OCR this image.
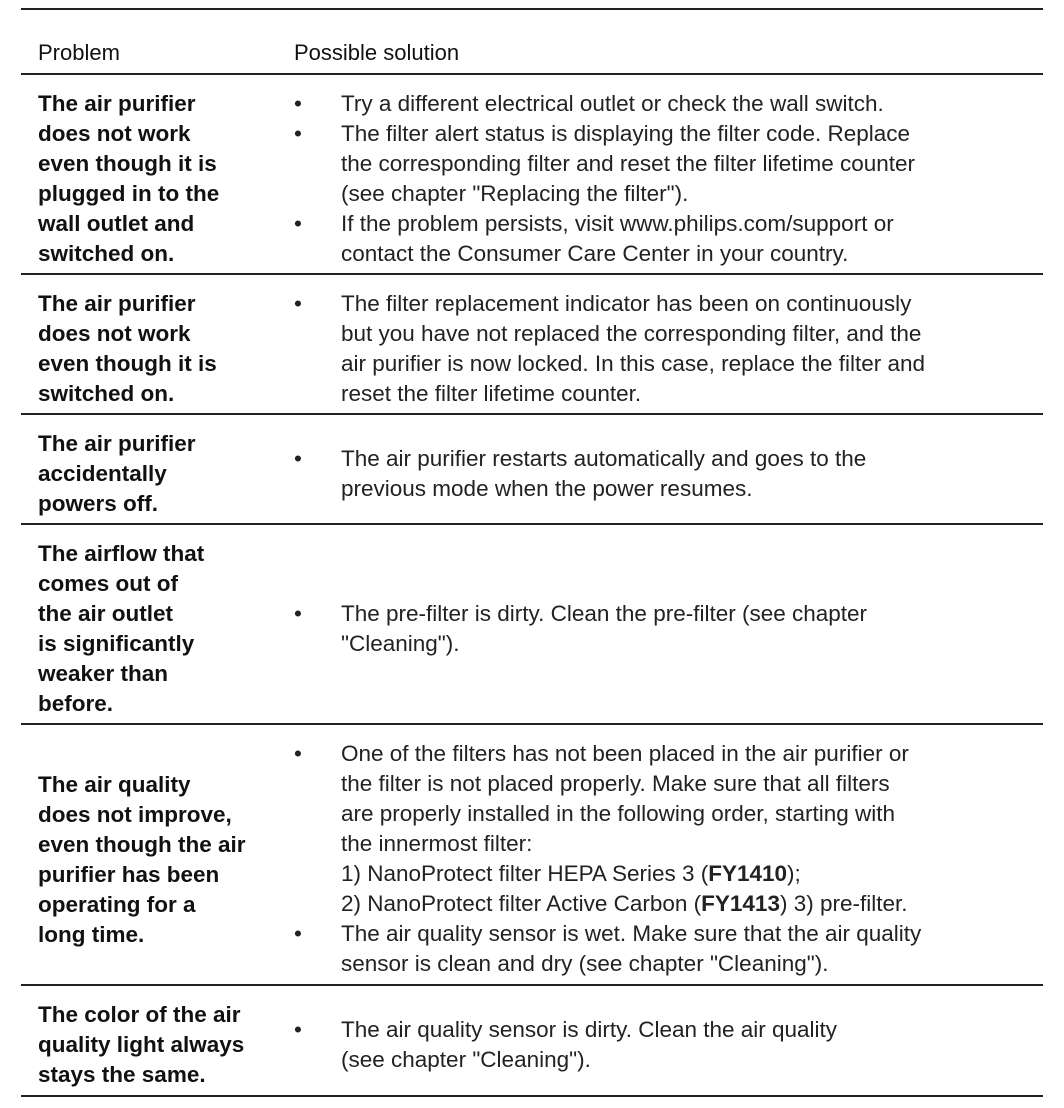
Problem	Possible solution
The air purifier
does not work
even though it is
plugged in to the
wall outlet and
switched on.
• Try a different electrical outlet or check the wall switch.
• The filter alert status is displaying the filter code. Replace
the corresponding filter and reset the filter lifetime counter
(see chapter "Replacing the filter").
• If the problem persists, visit www.philips.com/support or
contact the Consumer Care Center in your country.
The air purifier
does not work
even though it is
switched on.
• The filter replacement indicator has been on continuously
but you have not replaced the corresponding filter, and the
air purifier is now locked. In this case, replace the filter and
reset the filter lifetime counter.
The air purifier
accidentally
powers off.
• The air purifier restarts automatically and goes to the
previous mode when the power resumes.
The airflow that
comes out of
the air outlet
is significantly
weaker than
before.
• The pre-filter is dirty. Clean the pre-filter (see chapter
"Cleaning").
The air quality
does not improve,
even though the air
purifier has been
operating for a
long time.
• One of the filters has not been placed in the air purifier or
the filter is not placed properly. Make sure that all filters
are properly installed in the following order, starting with
the innermost filter:
1) NanoProtect filter HEPA Series 3 (FY1410);
2) NanoProtect filter Active Carbon (FY1413) 3) pre-filter.
• The air quality sensor is wet. Make sure that the air quality
sensor is clean and dry (see chapter "Cleaning").
The color of the air
quality light always
stays the same.
• The air quality sensor is dirty. Clean the air quality
(see chapter "Cleaning").
